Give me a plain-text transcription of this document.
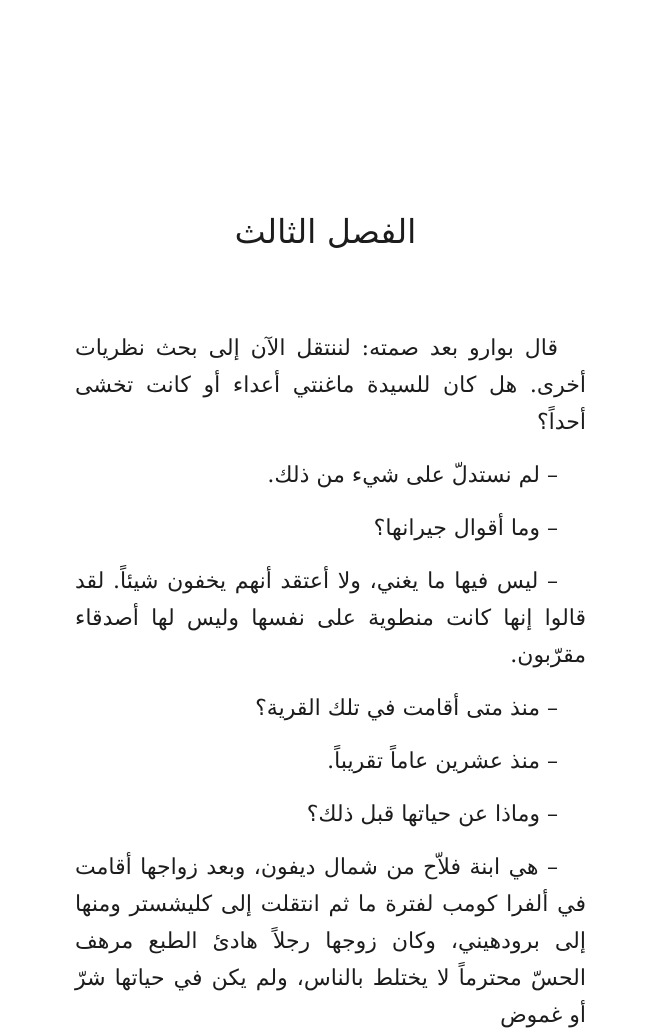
الفصل الثالث

قال بوارو بعد صمته: لننتقل الآن إلى بحث نظريات أخرى. هل كان للسيدة ماغنتي أعداء أو كانت تخشى أحداً؟

– لم نستدلّ على شيء من ذلك.

– وما أقوال جيرانها؟

– ليس فيها ما يغني، ولا أعتقد أنهم يخفون شيئاً. لقد قالوا إنها كانت منطوية على نفسها وليس لها أصدقاء مقرّبون.

– منذ متى أقامت في تلك القرية؟

– منذ عشرين عاماً تقريباً.

– وماذا عن حياتها قبل ذلك؟

– هي ابنة فلاّح من شمال ديفون، وبعد زواجها أقامت في ألفرا كومب لفترة ما ثم انتقلت إلى كليشستر ومنها إلى برودهيني، وكان زوجها رجلاً هادئ الطبع مرهف الحسّ محترماً لا يختلط بالناس، ولم يكن في حياتها شرّ أو غموض
